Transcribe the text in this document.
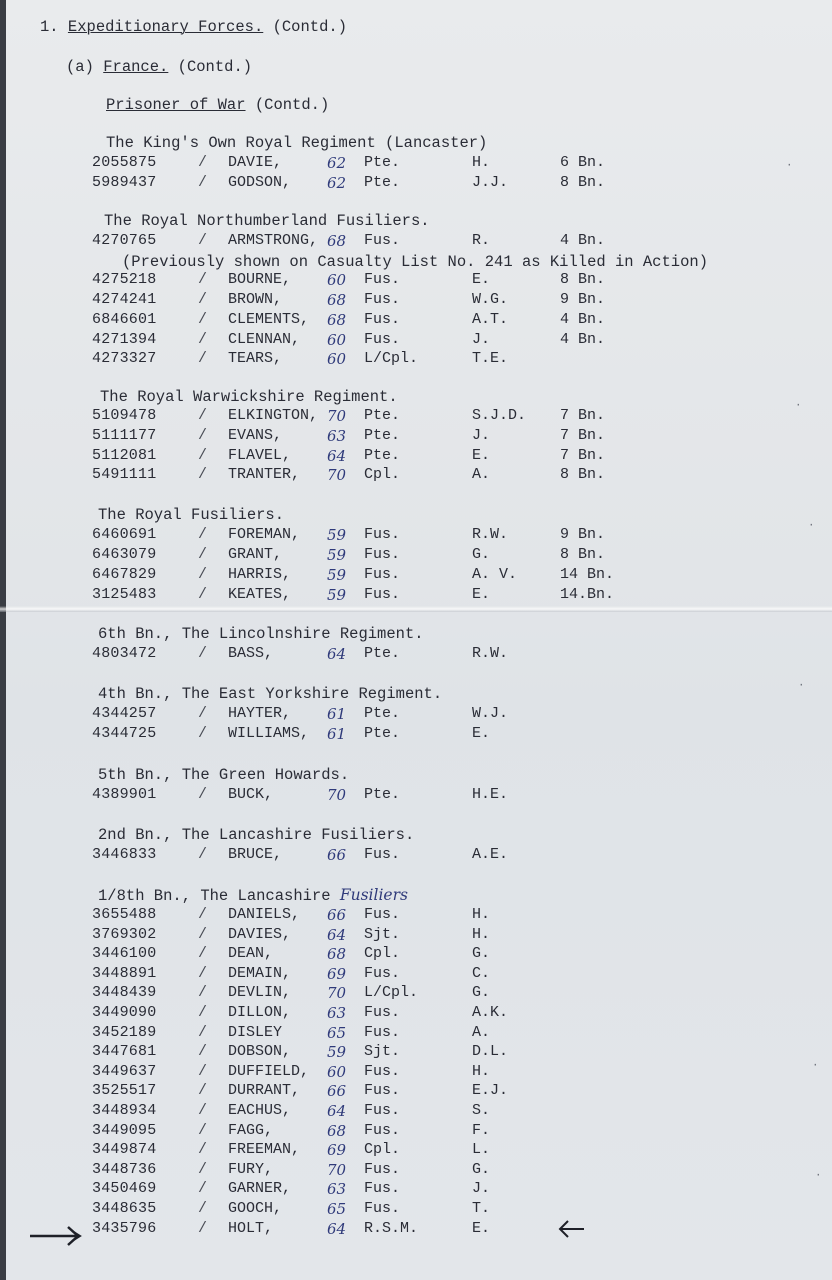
1. Expeditionary Forces. (Contd.)
(a) France. (Contd.)
Prisoner of War (Contd.)
The King's Own Royal Regiment (Lancaster)
2055875	/ DAVIE,	62 Pte.	H.	6 Bn.
5989437	/ GODSON, 62 Pte.	J.J.	8 Bn.
The Royal Northumberland Fusiliers.
4270765	/ ARMSTRONG, 68 Fus.	R.	4 Bn.
(Previously shown on Casualty List No. 241 as Killed in Action)
4275218	/ BOURNE, 60 Fus.	E.	8 Bn.
4274241	/ BROWN,	68 Fus.	W.G.	9 Bn.
6846601	/ CLEMENTS, 68 Fus.	A.T.	4 Bn.
4271394	/ CLENNAN, 60 Fus.	J.	4 Bn.
4273327	/ TEARS,	60 L/Cpl.	T.E.
The Royal Warwickshire Regiment.
5109478	/ ELKINGTON, 70 Pte.	S.J.D. 7 Bn.
5111177	/ EVANS,	63 Pte.	J.	7 Bn.
5112081	/ FLAVEL, 64 Pte.	E.	7 Bn.
5491111	/ TRANTER, 70 Cpl.	A.	8 Bn.
The Royal Fusiliers.
6460691	/ FOREMAN, 59 Fus.	R.W.	9 Bn.
6463079	/ GRANT,	59 Fus.	G.	8 Bn.
6467829	/ HARRIS, 59 Fus.	A. V.	14 Bn.
3125483	/ KEATES, 59 Fus.	E.	14.Bn.
6th Bn., The Lincolnshire Regiment.
4803472	/ BASS,	64 Pte.	R.W.
4th Bn., The East Yorkshire Regiment.
4344257	/ HAYTER, 61 Pte.	W.J.
4344725	/ WILLIAMS, 61 Pte.	E.
5th Bn., The Green Howards.
4389901	/ BUCK,	70 Pte.	H.E.
2nd Bn., The Lancashire Fusiliers.
3446833	/ BRUCE,	66 Fus.	A.E.
1/8th Bn., The Lancashire Fusiliers
3655488	/ DANIELS, 66 Fus.	H.
3769302	/ DAVIES, 64 Sjt.	H.
3446100	/ DEAN,	68 Cpl.	G.
3448891	/ DEMAIN, 69 Fus.	C.
3448439	/ DEVLIN, 70 L/Cpl.	G.
3449090	/ DILLON, 63 Fus.	A.K.
3452189	/ DISLEY	65 Fus.	A.
3447681	/ DOBSON, 59 Sjt.	D.L.
3449637	/ DUFFIELD, 60 Fus.	H.
3525517	/ DURRANT, 66 Fus.	E.J.
3448934	/ EACHUS, 64 Fus.	S.
3449095	/ FAGG,	68 Fus.	F.
3449874	/ FREEMAN, 69 Cpl.	L.
3448736	/ FURY,	70 Fus.	G.
3450469	/ GARNER, 63 Fus.	J.
3448635	/ GOOCH,	65 Fus.	T.
3435796	/ HOLT,	64 R.S.M.	E.
·
·
·
·
·
·
